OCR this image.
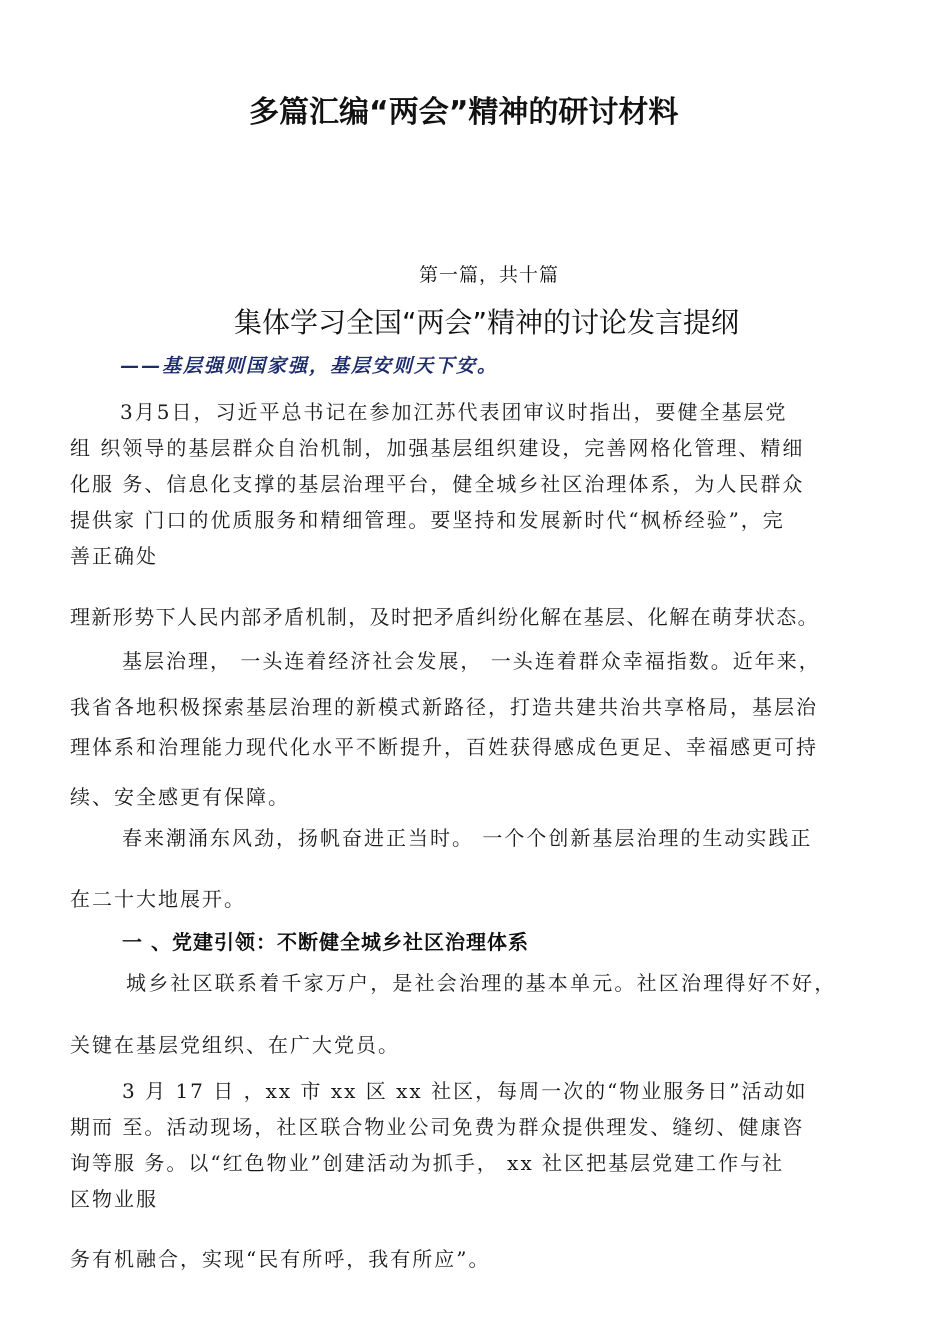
多篇汇编“两会”精神的研讨材料
第一篇，共十篇
集体学习全国“两会”精神的讨论发言提纲
——基层强则国家强，基层安则天下安。
3月5日，习近平总书记在参加江苏代表团审议时指出，要健全基层党
组 织领导的基层群众自治机制，加强基层组织建设，完善网格化管理、精细
化服 务、信息化支撑的基层治理平台，健全城乡社区治理体系，为人民群众
提供家 门口的优质服务和精细管理。要坚持和发展新时代“枫桥经验”，完
善正确处
理新形势下人民内部矛盾机制，及时把矛盾纠纷化解在基层、化解在萌芽状态。
基层治理， 一头连着经济社会发展， 一头连着群众幸福指数。近年来，
我省各地积极探索基层治理的新模式新路径，打造共建共治共享格局，基层治
理体系和治理能力现代化水平不断提升，百姓获得感成色更足、幸福感更可持
续、安全感更有保障。
春来潮涌东风劲，扬帆奋进正当时。 一个个创新基层治理的生动实践正
在二十大地展开。
一 、党建引领：不断健全城乡社区治理体系
城乡社区联系着千家万户，是社会治理的基本单元。社区治理得好不好，
关键在基层党组织、在广大党员。
3 月 17 日 ，xx 市 xx 区 xx 社区，每周一次的“物业服务日”活动如
期而 至。活动现场，社区联合物业公司免费为群众提供理发、缝纫、健康咨
询等服 务。以“红色物业”创建活动为抓手， xx 社区把基层党建工作与社
区物业服
务有机融合，实现“民有所呼，我有所应”。
